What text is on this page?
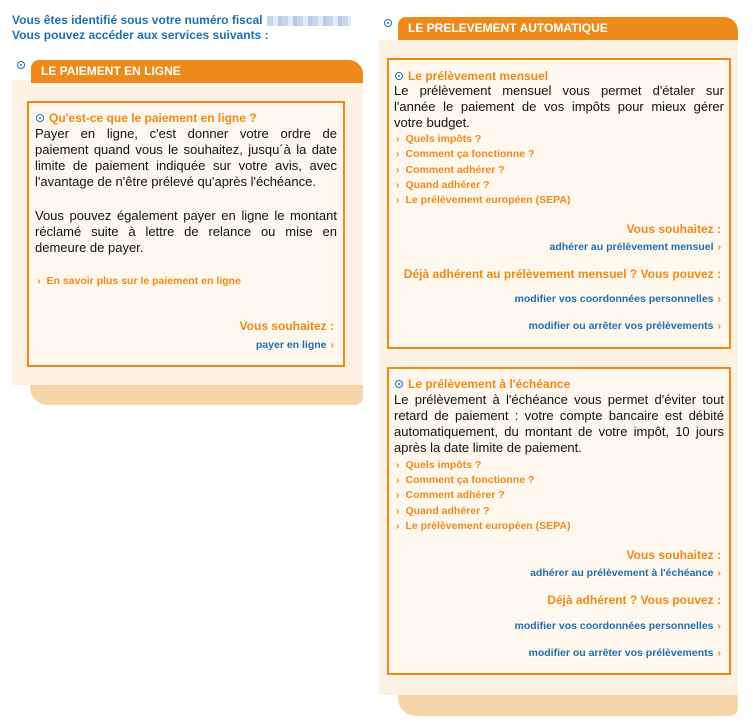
Vous êtes identifié sous votre numéro fiscal
Vous pouvez accéder aux services suivants :
LE PAIEMENT EN LIGNE
Qu'est-ce que le paiement en ligne ?
Payer en ligne, c'est donner votre ordre de paiement quand vous le souhaitez, jusqu´à la date limite de paiement indiquée sur votre avis, avec l'avantage de n'être prélevé qu'après l'échéance.
Vous pouvez également payer en ligne le montant réclamé suite à lettre de relance ou mise en demeure de payer.
› En savoir plus sur le paiement en ligne
Vous souhaitez :
payer en ligne ›
LE PRELEVEMENT AUTOMATIQUE
Le prélèvement mensuel
Le prélèvement mensuel vous permet d'étaler sur l'année le paiement de vos impôts pour mieux gérer votre budget.
› Quels impôts ?
› Comment ça fonctionne ?
› Comment adhérer ?
› Quand adhérer ?
› Le prélèvement européen (SEPA)
Vous souhaitez :
adhérer au prélèvement mensuel ›
Déjà adhérent au prélèvement mensuel ? Vous pouvez :
modifier vos coordonnées personnelles ›
modifier ou arrêter vos prélèvements ›
Le prélèvement à l'échéance
Le prélèvement à l'échéance vous permet d'éviter tout retard de paiement : votre compte bancaire est débité automatiquement, du montant de votre impôt, 10 jours après la date limite de paiement.
› Quels impôts ?
› Comment ça fonctionne ?
› Comment adhérer ?
› Quand adhérer ?
› Le prélèvement européen (SEPA)
Vous souhaitez :
adhérer au prélèvement à l'échéance ›
Déjà adhérent ? Vous pouvez :
modifier vos coordonnées personnelles ›
modifier ou arrêter vos prélèvements ›
